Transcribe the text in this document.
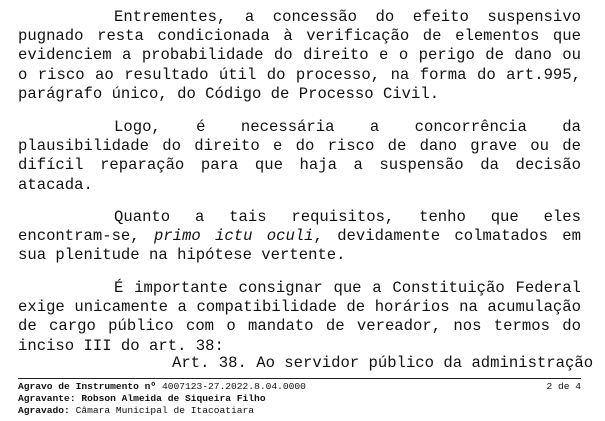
Entrementes, a concessão do efeito suspensivo pugnado resta condicionada à verificação de elementos que evidenciem a probabilidade do direito e o perigo de dano ou o risco ao resultado útil do processo, na forma do art.995, parágrafo único, do Código de Processo Civil.

Logo, é necessária a concorrência da plausibilidade do direito e do risco de dano grave ou de difícil reparação para que haja a suspensão da decisão atacada.

Quanto a tais requisitos, tenho que eles encontram-se, primo ictu oculi, devidamente colmatados em sua plenitude na hipótese vertente.

É importante consignar que a Constituição Federal exige unicamente a compatibilidade de horários na acumulação de cargo público com o mandato de vereador, nos termos do inciso III do art. 38:

Art. 38. Ao servidor público da administração

Agravo de Instrumento nº 4007123-27.2022.8.04.0000	2 de 4
Agravante: Robson Almeida de Siqueira Filho
Agravado: Câmara Municipal de Itacoatiara
